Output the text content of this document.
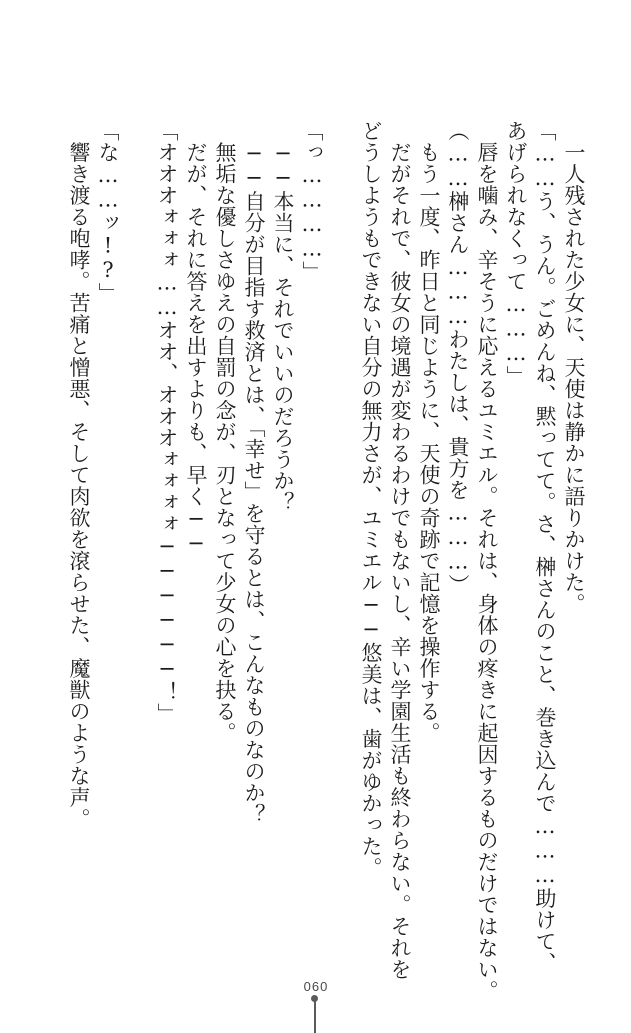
　一人残された少女に、天使は静かに語りかけた。
「……う、うん。ごめんね、黙ってて。さ、榊さんのこと、巻き込んで………助けて、
あげられなくって………」
　唇を噛み、辛そうに応えるユミエル。それは、身体の疼きに起因するものだけではない。
（……榊さん………わたしは、貴方を………）
　もう一度、昨日と同じように、天使の奇跡で記憶を操作する。
　だがそれで、彼女の境遇が変わるわけでもないし、辛い学園生活も終わらない。それを
どうしようもできない自分の無力さが、ユミエル──悠美は、歯がゆかった。
「っ…………」
　──本当に、それでいいのだろうか？
　──自分が目指す救済とは、「幸せ」を守るとは、こんなものなのか？
　無垢な優しさゆえの自罰の念が、刃となって少女の心を抉る。
　だが、それに答えを出すよりも、早く──
「オオオォォォ……オオ、オオオォォォォ──────！」
「な……ッ!?」
　響き渡る咆哮。苦痛と憎悪、そして肉欲を滾らせた、魔獣のような声。
060
